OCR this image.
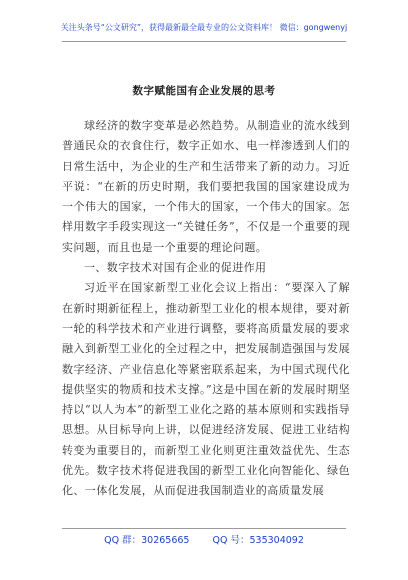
关注头条号“公文研究”，获得最新最全最专业的公文资料库！ 微信：gongwenyj
数字赋能国有企业发展的思考

球经济的数字变革是必然趋势。从制造业的流水线到普通民众的衣食住行，数字正如水、电一样渗透到人们的日常生活中，为企业的生产和生活带来了新的动力。习近平说：“在新的历史时期，我们要把我国的国家建设成为一个伟大的国家，一个伟大的国家，一个伟大的国家。怎样用数字手段实现这一“关键任务”，不仅是一个重要的现实问题，而且也是一个重要的理论问题。

一、数字技术对国有企业的促进作用

习近平在国家新型工业化会议上指出：“要深入了解在新时期新征程上，推动新型工业化的根本规律，要对新一轮的科学技术和产业进行调整，要将高质量发展的要求融入到新型工业化的全过程之中，把发展制造强国与发展数字经济、产业信息化等紧密联系起来，为中国式现代化提供坚实的物质和技术支撑。”这是中国在新的发展时期坚持以“以人为本”的新型工业化之路的基本原则和实践指导思想。从目标导向上讲，以促进经济发展、促进工业结构转变为重要目的，而新型工业化则更注重效益优先、生态优先。数字技术将促进我国的新型工业化向智能化、绿色化、一体化发展，从而促进我国制造业的高质量发展

QQ 群：30265665 QQ 号：535304092
